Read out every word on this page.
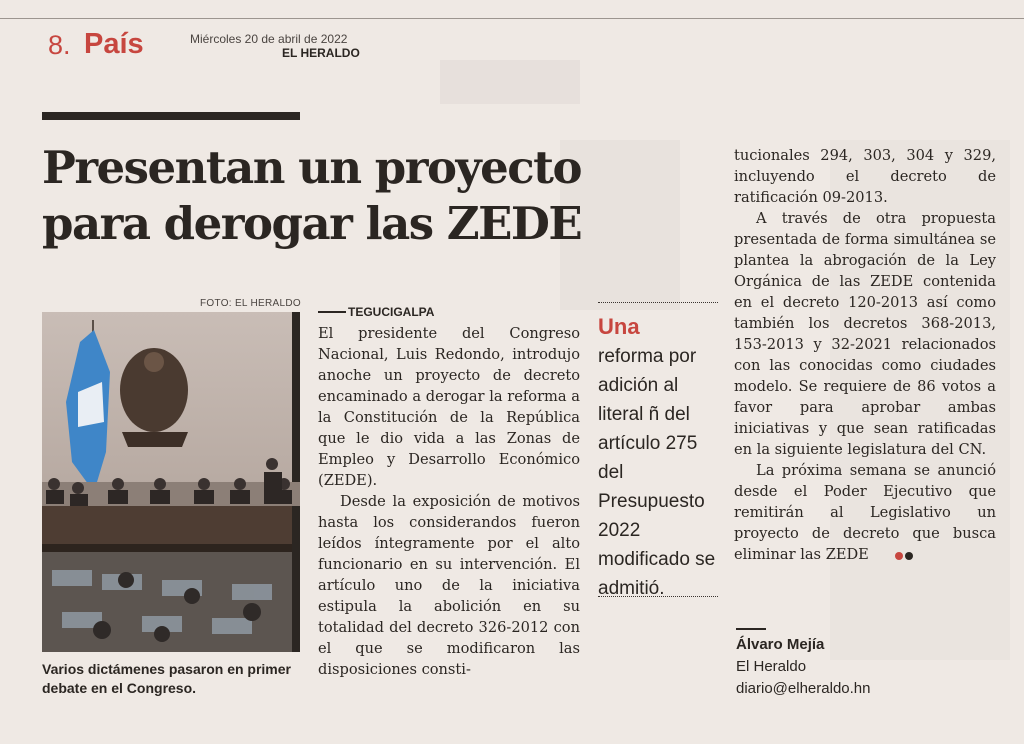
8. País	Miércoles 20 de abril de 2022
EL HERALDO
Presentan un proyecto
para derogar las ZEDE
FOTO: EL HERALDO
Varios dictámenes pasaron en primer debate en el Congreso.
TEGUCIGALPA

El presidente del Congreso Nacional, Luis Redondo, introdujo anoche un proyecto de decreto encaminado a derogar la reforma a la Constitución de la República que le dio vida a las Zonas de Empleo y Desarrollo Económico (ZEDE).

Desde la exposición de motivos hasta los considerandos fueron leídos íntegramente por el alto funcionario en su intervención. El artículo uno de la iniciativa estipula la abolición en su totalidad del decreto 326-2012 con el que se modificaron las disposiciones consti-

Una
reforma por adición al literal ñ del artículo 275 del Presupuesto 2022 modificado se admitió.

tucionales 294, 303, 304 y 329, incluyendo el decreto de ratificación 09-2013.

A través de otra propuesta presentada de forma simultánea se plantea la abrogación de la Ley Orgánica de las ZEDE contenida en el decreto 120-2013 así como también los decretos 368-2013, 153-2013 y 32-2021 relacionados con las conocidas como ciudades modelo. Se requiere de 86 votos a favor para aprobar ambas iniciativas y que sean ratificadas en la siguiente legislatura del CN.

La próxima semana se anunció desde el Poder Ejecutivo que remitirán al Legislativo un proyecto de decreto que busca eliminar las ZEDE

Álvaro Mejía
El Heraldo
diario@elheraldo.hn
